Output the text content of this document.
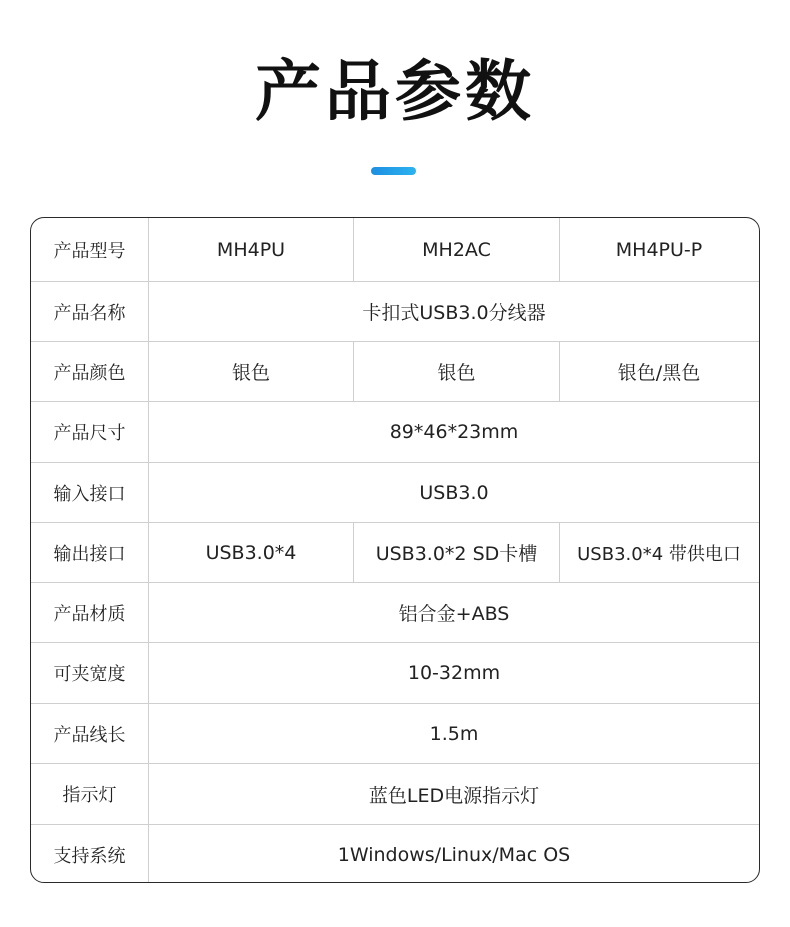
产品参数
产品型号	MH4PU	MH2AC	MH4PU-P
产品名称	卡扣式USB3.0分线器
产品颜色	银色	银色	银色/黑色
产品尺寸	89*46*23mm
输入接口	USB3.0
输出接口	USB3.0*4	USB3.0*2 SD卡槽	USB3.0*4 带供电口
产品材质	铝合金+ABS
可夹宽度	10-32mm
产品线长	1.5m
指示灯	蓝色LED电源指示灯
支持系统	1Windows/Linux/Mac OS
